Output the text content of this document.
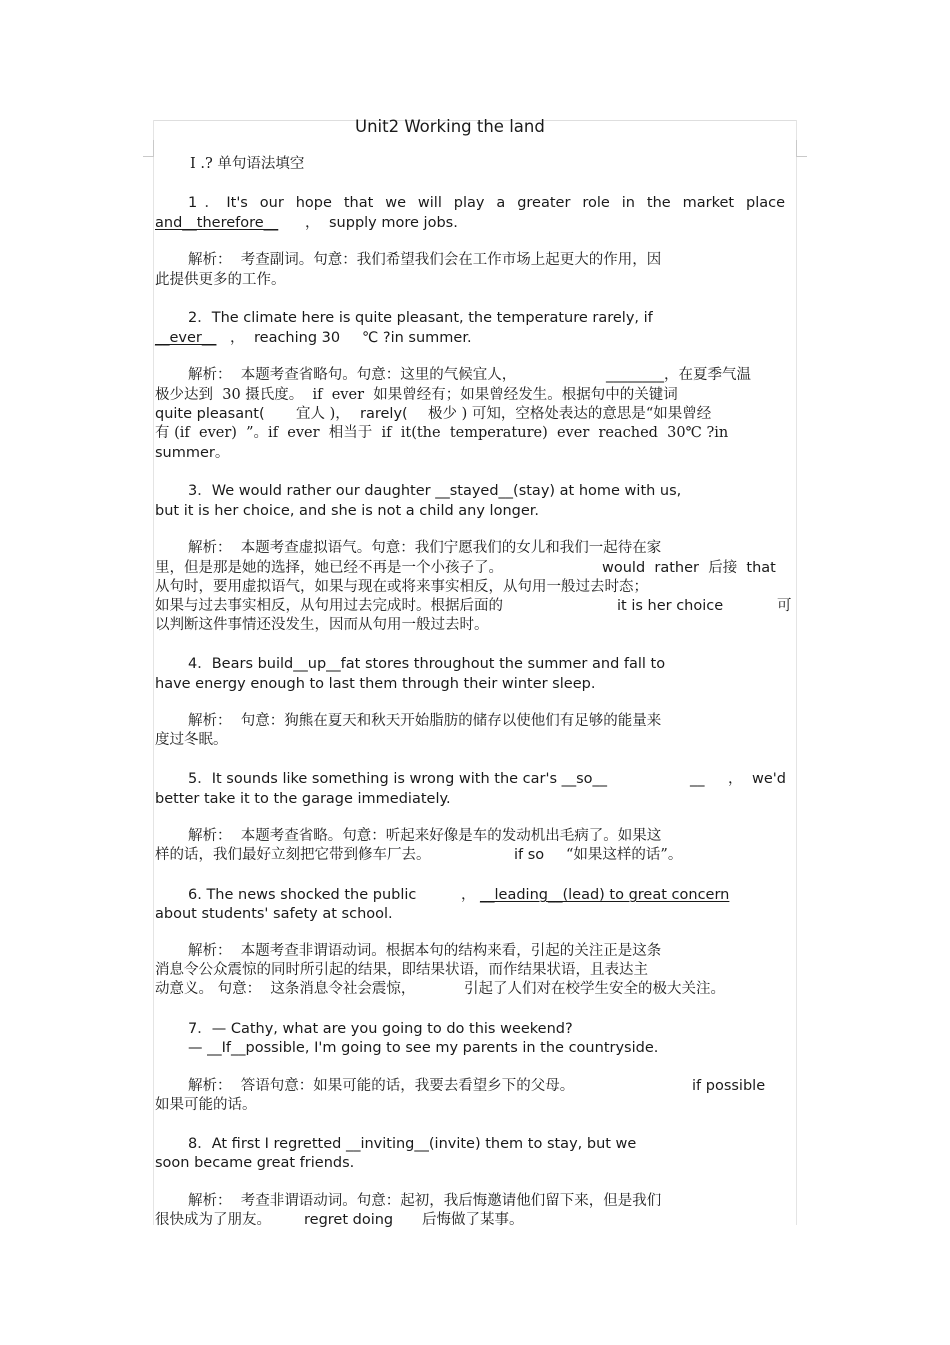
Unit2 Working the land
Ⅰ .? 单句语法填空
1．It's our hope that we will play a greater role in the market place
and__therefore__ ， supply more jobs.
解析：  考查副词。句意：我们希望我们会在工作市场上起更大的作用，因
此提供更多的工作。
2．The climate here is quite pleasant, the temperature rarely, if
__ever__ ， reaching 30 ℃ ?in summer.
解析：  本题考查省略句。句意：这里的气候宜人，	________，在夏季气温
极少达到  30 摄氏度。  if  ever  如果曾经有；如果曾经发生。根据句中的关键词
quite pleasant( 宜人 )， rarely( 极少 ) 可知，空格处表达的意思是“如果曾经
有 (if  ever)  ”。if  ever  相当于  if  it(the  temperature)  ever  reached  30℃ ?in
summer。
3．We would rather our daughter __stayed__(stay) at home with us,
but it is her choice, and she is not a child any longer.
解析：  本题考查虚拟语气。句意：我们宁愿我们的女儿和我们一起待在家
里，但是那是她的选择，她已经不再是一个小孩子了。	would  rather  后接  that
从句时，要用虚拟语气，如果与现在或将来事实相反，从句用一般过去时态；
如果与过去事实相反，从句用过去完成时。根据后面的	it is her choice	可
以判断这件事情还没发生，因而从句用一般过去时。
4．Bears build__up__fat stores throughout the summer and fall to
have energy enough to last them through their winter sleep.
解析：  句意：狗熊在夏天和秋天开始脂肪的储存以使他们有足够的能量来
度过冬眠。
5．It sounds like something is wrong with the car's __so__	__ ， we'd
better take it to the garage immediately.
解析：  本题考查省略。句意：听起来好像是车的发动机出毛病了。如果这
样的话，我们最好立刻把它带到修车厂去。	if so “如果这样的话”。
6. The news shocked the public	， __leading__(lead) to great concern
about students' safety at school.
解析：  本题考查非谓语动词。根据本句的结构来看，引起的关注正是这条
消息令公众震惊的同时所引起的结果，即结果状语，而作结果状语，且表达主
动意义。 句意：  这条消息令社会震惊，	引起了人们对在校学生安全的极大关注。
7．— Cathy, what are you going to do this weekend?
— __If__possible, I'm going to see my parents in the countryside.
解析：  答语句意：如果可能的话，我要去看望乡下的父母。	if possible
如果可能的话。
8．At first I regretted __inviting__(invite) them to stay, but we
soon became great friends.
解析：  考查非谓语动词。句意：起初，我后悔邀请他们留下来，但是我们
很快成为了朋友。 regret doing 后悔做了某事。
